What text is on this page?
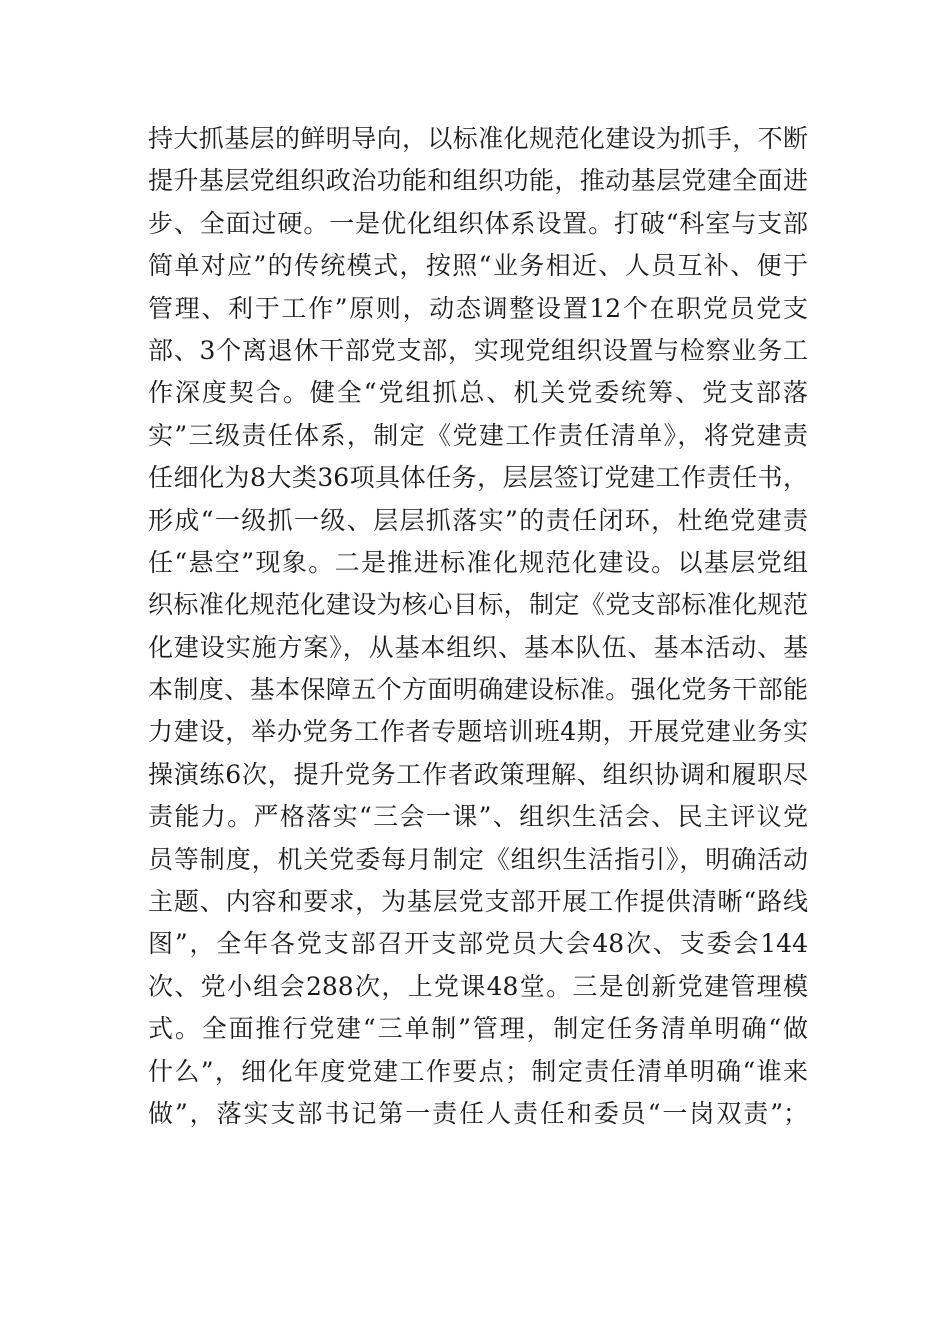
持大抓基层的鲜明导向，以标准化规范化建设为抓手，不断
提升基层党组织政治功能和组织功能，推动基层党建全面进
步、全面过硬。一是优化组织体系设置。打破“科室与支部
简单对应”的传统模式，按照“业务相近、人员互补、便于
管理、利于工作”原则，动态调整设置12个在职党员党支
部、3个离退休干部党支部，实现党组织设置与检察业务工
作深度契合。健全“党组抓总、机关党委统筹、党支部落
实”三级责任体系，制定《党建工作责任清单》，将党建责
任细化为8大类36项具体任务，层层签订党建工作责任书，
形成“一级抓一级、层层抓落实”的责任闭环，杜绝党建责
任“悬空”现象。二是推进标准化规范化建设。以基层党组
织标准化规范化建设为核心目标，制定《党支部标准化规范
化建设实施方案》，从基本组织、基本队伍、基本活动、基
本制度、基本保障五个方面明确建设标准。强化党务干部能
力建设，举办党务工作者专题培训班4期，开展党建业务实
操演练6次，提升党务工作者政策理解、组织协调和履职尽
责能力。严格落实“三会一课”、组织生活会、民主评议党
员等制度，机关党委每月制定《组织生活指引》，明确活动
主题、内容和要求，为基层党支部开展工作提供清晰“路线
图”，全年各党支部召开支部党员大会48次、支委会144
次、党小组会288次，上党课48堂。三是创新党建管理模
式。全面推行党建“三单制”管理，制定任务清单明确“做
什么”，细化年度党建工作要点；制定责任清单明确“谁来
做”，落实支部书记第一责任人责任和委员“一岗双责”；
